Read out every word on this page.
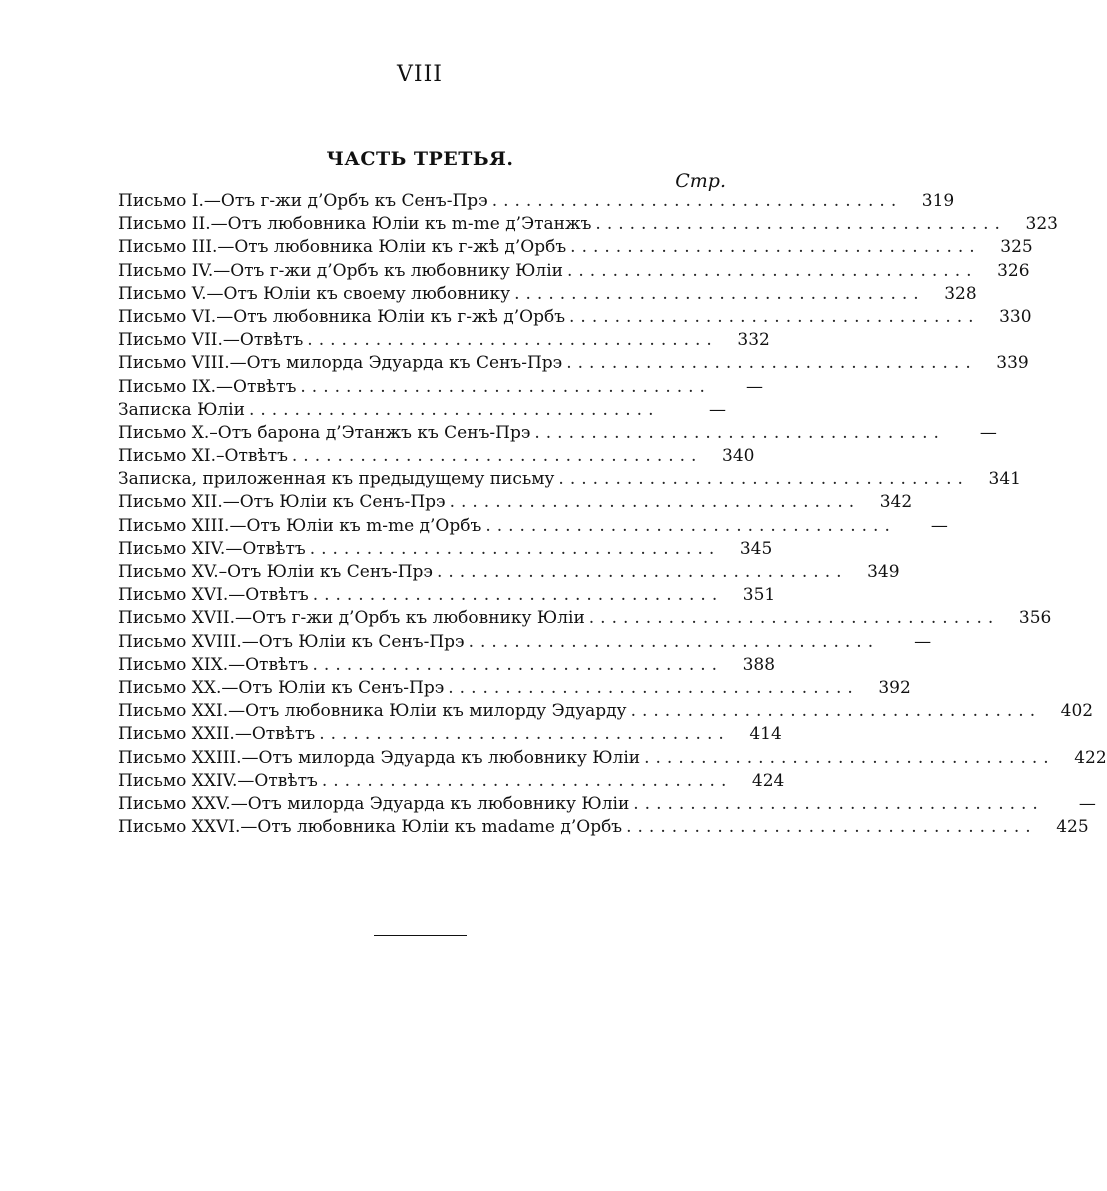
VIII
ЧАСТЬ ТРЕТЬЯ.
Стр.
Письмо I.—Отъ г-жи д’Орбъ къ Сенъ-Прэ ....................................	319
Письмо II.—Отъ любовника Юліи къ m-me д’Этанжъ ....................................	323
Письмо III.—Отъ любовника Юліи къ г-жѣ д’Орбъ ....................................	325
Письмо IV.—Отъ г-жи д’Орбъ къ любовнику Юліи ....................................	326
Письмо V.—Отъ Юліи къ своему любовнику ....................................	328
Письмо VI.—Отъ любовника Юліи къ г-жѣ д’Орбъ ....................................	330
Письмо VII.—Отвѣтъ ....................................	332
Письмо VIII.—Отъ милорда Эдуарда къ Сенъ-Прэ ....................................	339
Письмо IX.—Отвѣтъ ....................................	—
Записка Юліи ....................................	—
Письмо X.–Отъ барона д’Этанжъ къ Сенъ-Прэ ....................................	—
Письмо XI.–Отвѣтъ ....................................	340
Записка, приложенная къ предыдущему письму ....................................	341
Письмо XII.—Отъ Юліи къ Сенъ-Прэ ....................................	342
Письмо XIII.—Отъ Юліи къ m-me д’Орбъ ....................................	—
Письмо XIV.—Отвѣтъ ....................................	345
Письмо XV.–Отъ Юліи къ Сенъ-Прэ ....................................	349
Письмо XVI.—Отвѣтъ ....................................	351
Письмо XVII.—Отъ г-жи д’Орбъ къ любовнику Юліи ....................................	356
Письмо XVIII.—Отъ Юліи къ Сенъ-Прэ ....................................	—
Письмо XIX.—Отвѣтъ ....................................	388
Письмо XX.—Отъ Юліи къ Сенъ-Прэ ....................................	392
Письмо XXI.—Отъ любовника Юліи къ милорду Эдуарду ....................................	402
Письмо XXII.—Отвѣтъ ....................................	414
Письмо XXIII.—Отъ милорда Эдуарда къ любовнику Юліи ....................................	422
Письмо XXIV.—Отвѣтъ ....................................	424
Письмо XXV.—Отъ милорда Эдуарда къ любовнику Юліи ....................................	—
Письмо XXVI.—Отъ любовника Юліи къ madame д’Орбъ ....................................	425
